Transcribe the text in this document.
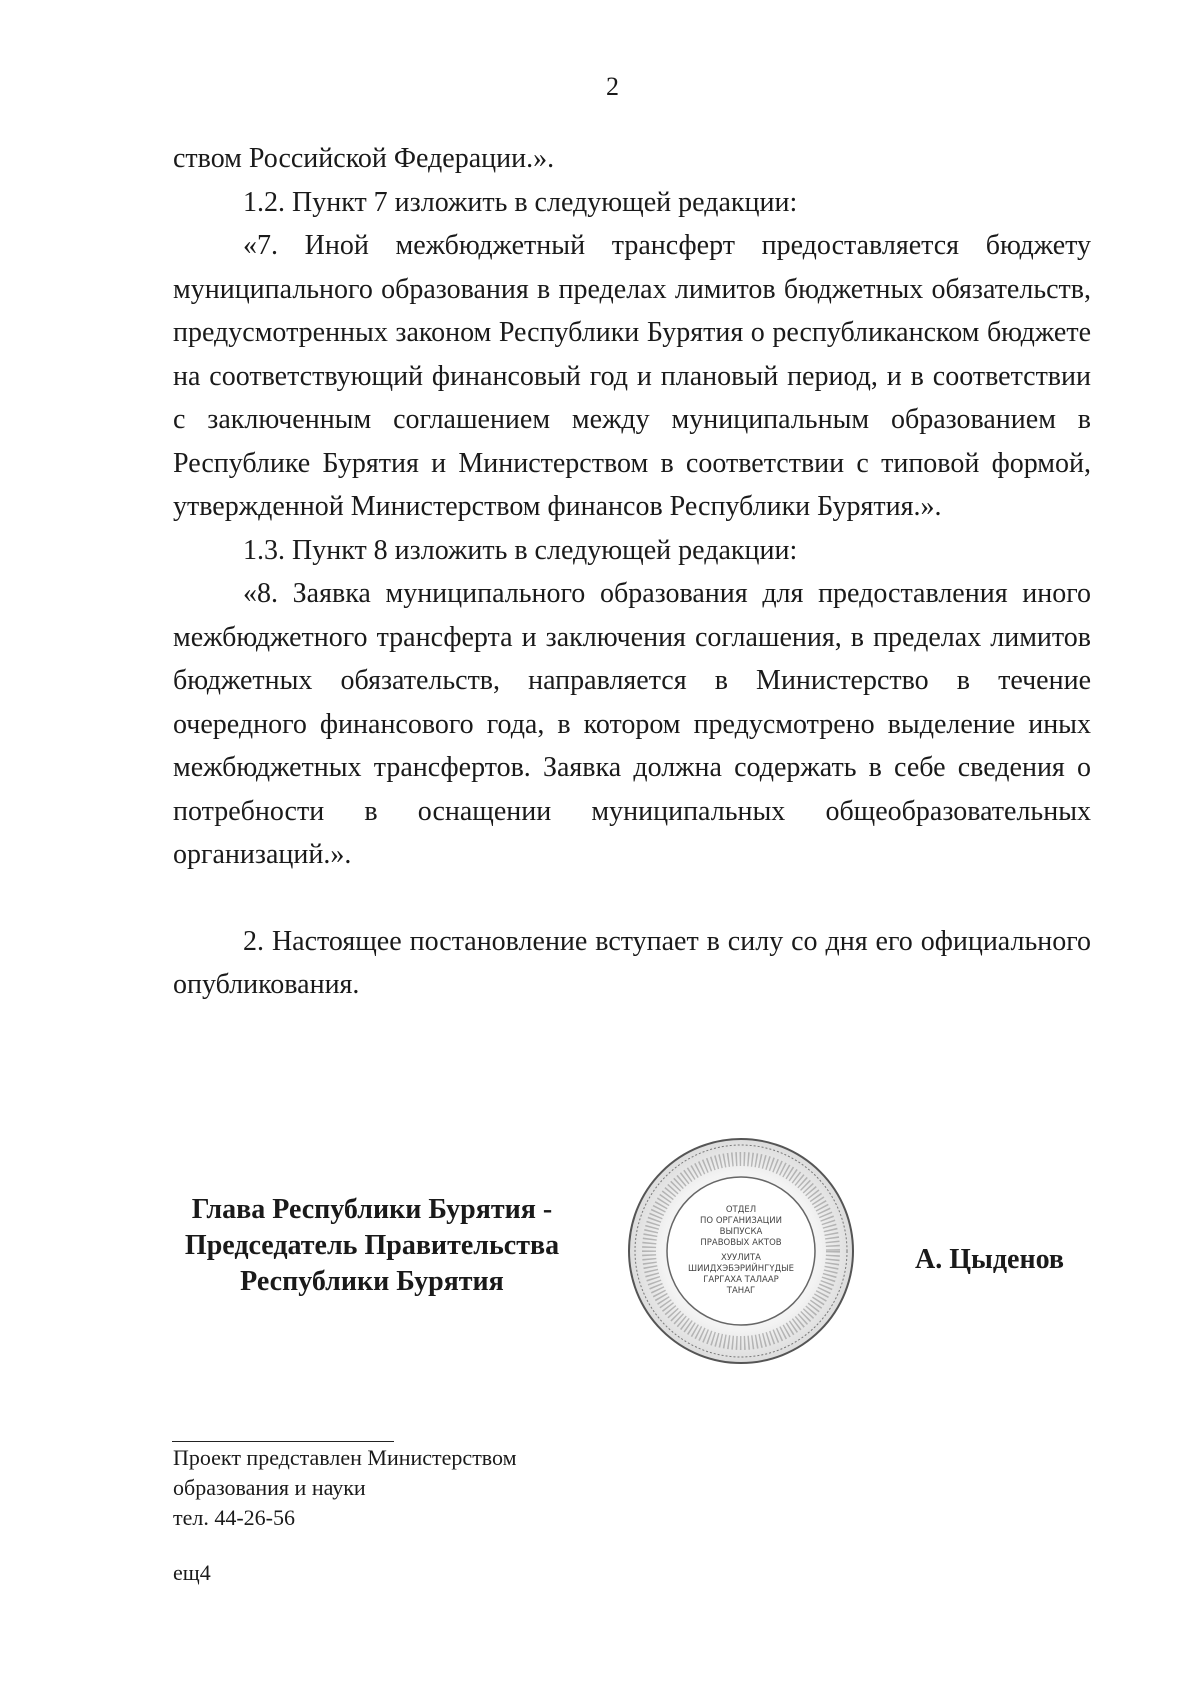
2

ством Российской Федерации.».

1.2. Пункт 7 изложить в следующей редакции:

«7. Иной межбюджетный трансферт предоставляется бюджету муниципального образования в пределах лимитов бюджетных обязательств, предусмотренных законом Республики Бурятия о республиканском бюджете на соответствующий финансовый год и плановый период, и в соответствии с заключенным соглашением между муниципальным образованием в Республике Бурятия и Министерством в соответствии с типовой формой, утвержденной Министерством финансов Республики Бурятия.».

1.3. Пункт 8 изложить в следующей редакции:

«8. Заявка муниципального образования для предоставления иного межбюджетного трансферта и заключения соглашения, в пределах лимитов бюджетных обязательств, направляется в Министерство в течение очередного финансового года, в котором предусмотрено выделение иных межбюджетных трансфертов. Заявка должна содержать в себе сведения о потребности в оснащении муниципальных общеобразовательных организаций.».

2. Настоящее постановление вступает в силу со дня его официального опубликования.

Глава Республики Бурятия -
Председатель Правительства
Республики Бурятия
ОТДЕЛ
ПО ОРГАНИЗАЦИИ
ВЫПУСКА
ПРАВОВЫХ АКТОВ
ХУУЛИТА
ШИИДХЭБЭРИЙНГҮДЫЕ
ГАРГАХА ТАЛААР
ТАНАГ
А. Цыденов
Проект представлен Министерством
образования и науки
тел. 44-26-56
ещ4
